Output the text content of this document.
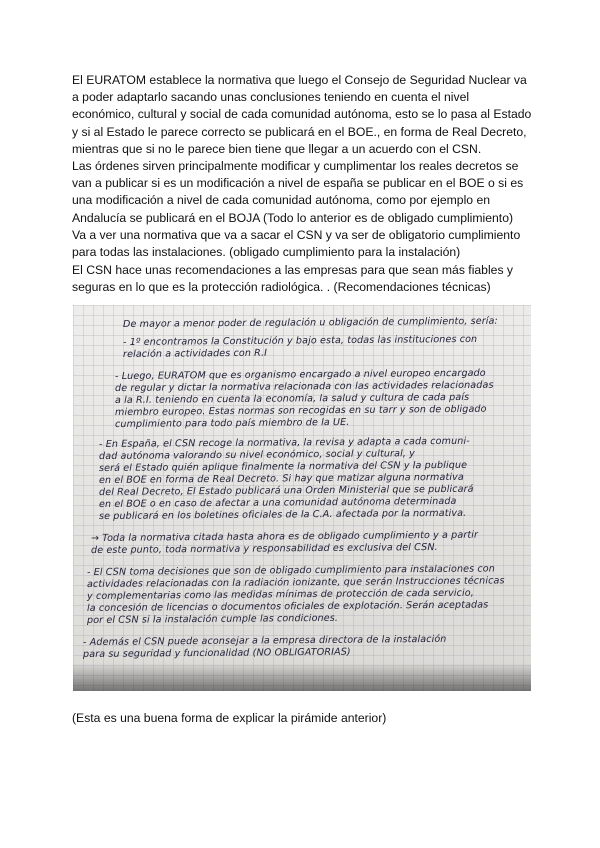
El EURATOM establece la normativa que luego el Consejo de Seguridad Nuclear va a poder adaptarlo sacando unas conclusiones teniendo en cuenta el nivel económico, cultural y social de cada comunidad autónoma, esto se lo pasa al Estado y si al Estado le parece correcto se publicará en el BOE., en forma de Real Decreto, mientras que si no le parece bien tiene que llegar a un acuerdo con el CSN.

Las órdenes sirven principalmente modificar y cumplimentar los reales decretos se van a publicar si es un modificación a nivel de españa se publicar en el BOE o si es una modificación a nivel de cada comunidad autónoma, como por ejemplo en Andalucía se publicará en el BOJA (Todo lo anterior es de obligado cumplimiento)
Va a ver una normativa que va a sacar el CSN y va ser de obligatorio cumplimiento para todas las instalaciones. (obligado cumplimiento para la instalación)

El CSN hace unas recomendaciones a las empresas para que sean más fiables y seguras en lo que es la protección radiológica. . (Recomendaciones técnicas)

De mayor a menor poder de regulación u obligación de cumplimiento, sería:

- 1º encontramos la Constitución y bajo esta, todas las instituciones con

relación a actividades con R.I

- Luego, EURATOM que es organismo encargado a nivel europeo encargado

de regular y dictar la normativa relacionada con las actividades relacionadas

a la R.I. teniendo en cuenta la economía, la salud y cultura de cada país

miembro europeo. Estas normas son recogidas en su tarr y son de obligado

cumplimiento para todo país miembro de la UE.

- En España, el CSN recoge la normativa, la revisa y adapta a cada comuni-

dad autónoma valorando su nivel económico, social y cultural, y

será el Estado quién aplique finalmente la normativa del CSN y la publique

en el BOE en forma de Real Decreto. Si hay que matizar alguna normativa

del Real Decreto, El Estado publicará una Orden Ministerial que se publicará

en el BOE o en caso de afectar a una comunidad autónoma determinada

se publicará en los boletines oficiales de la C.A. afectada por la normativa.

→ Toda la normativa citada hasta ahora es de obligado cumplimiento y a partir

de este punto, toda normativa y responsabilidad es exclusiva del CSN.

- El CSN toma decisiones que son de obligado cumplimiento para instalaciones con

actividades relacionadas con la radiación ionizante, que serán Instrucciones técnicas

y complementarias como las medidas mínimas de protección de cada servicio,

la concesión de licencias o documentos oficiales de explotación. Serán aceptadas

por el CSN si la instalación cumple las condiciones.

- Además el CSN puede aconsejar a la empresa directora de la instalación

para su seguridad y funcionalidad (NO OBLIGATORIAS)

(Esta es una buena forma de explicar la pirámide anterior)
